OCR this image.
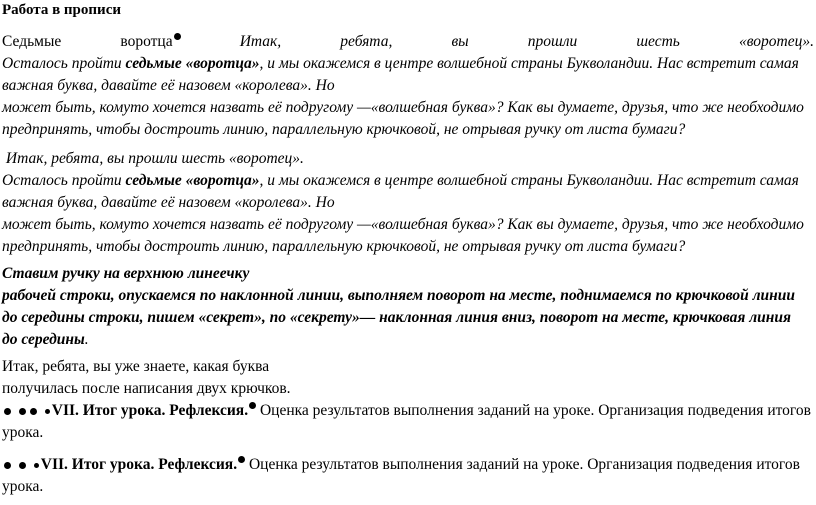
Работа в прописи
Седьмые	воротца	Итак,	ребята,	вы	прошли	шесть	«воротец».
Осталось пройти седьмые «воротца», и мы окажемся в центре волшебной страны Букволандии. Нас встретит самая
важная буква, давайте её назовем «королева». Но
может быть, комуто хочется назвать её подругому —«волшебная буква»? Как вы думаете, друзья, что же необходимо
предпринять, чтобы достроить линию, параллельную крючковой, не отрывая ручку от листа бумаги?
Итак, ребята, вы прошли шесть «воротец».
Осталось пройти седьмые «воротца», и мы окажемся в центре волшебной страны Букволандии. Нас встретит самая
важная буква, давайте её назовем «королева». Но
может быть, комуто хочется назвать её подругому —«волшебная буква»? Как вы думаете, друзья, что же необходимо
предпринять, чтобы достроить линию, параллельную крючковой, не отрывая ручку от листа бумаги?
Ставим ручку на верхнюю линеечку
рабочей строки, опускаемся по наклонной линии, выполняем поворот на месте, поднимаемся по крючковой линии
до середины строки, пишем «секрет», по «секрету»— наклонная линия вниз, поворот на месте, крючковая линия
до середины.
Итак, ребята, вы уже знаете, какая буква
получилась после написания двух крючков.
VII. Итог урока. Рефлексия. Оценка результатов выполнения заданий на уроке. Организация подведения итогов
урока.
VII. Итог урока. Рефлексия. Оценка результатов выполнения заданий на уроке. Организация подведения итогов
урока.
